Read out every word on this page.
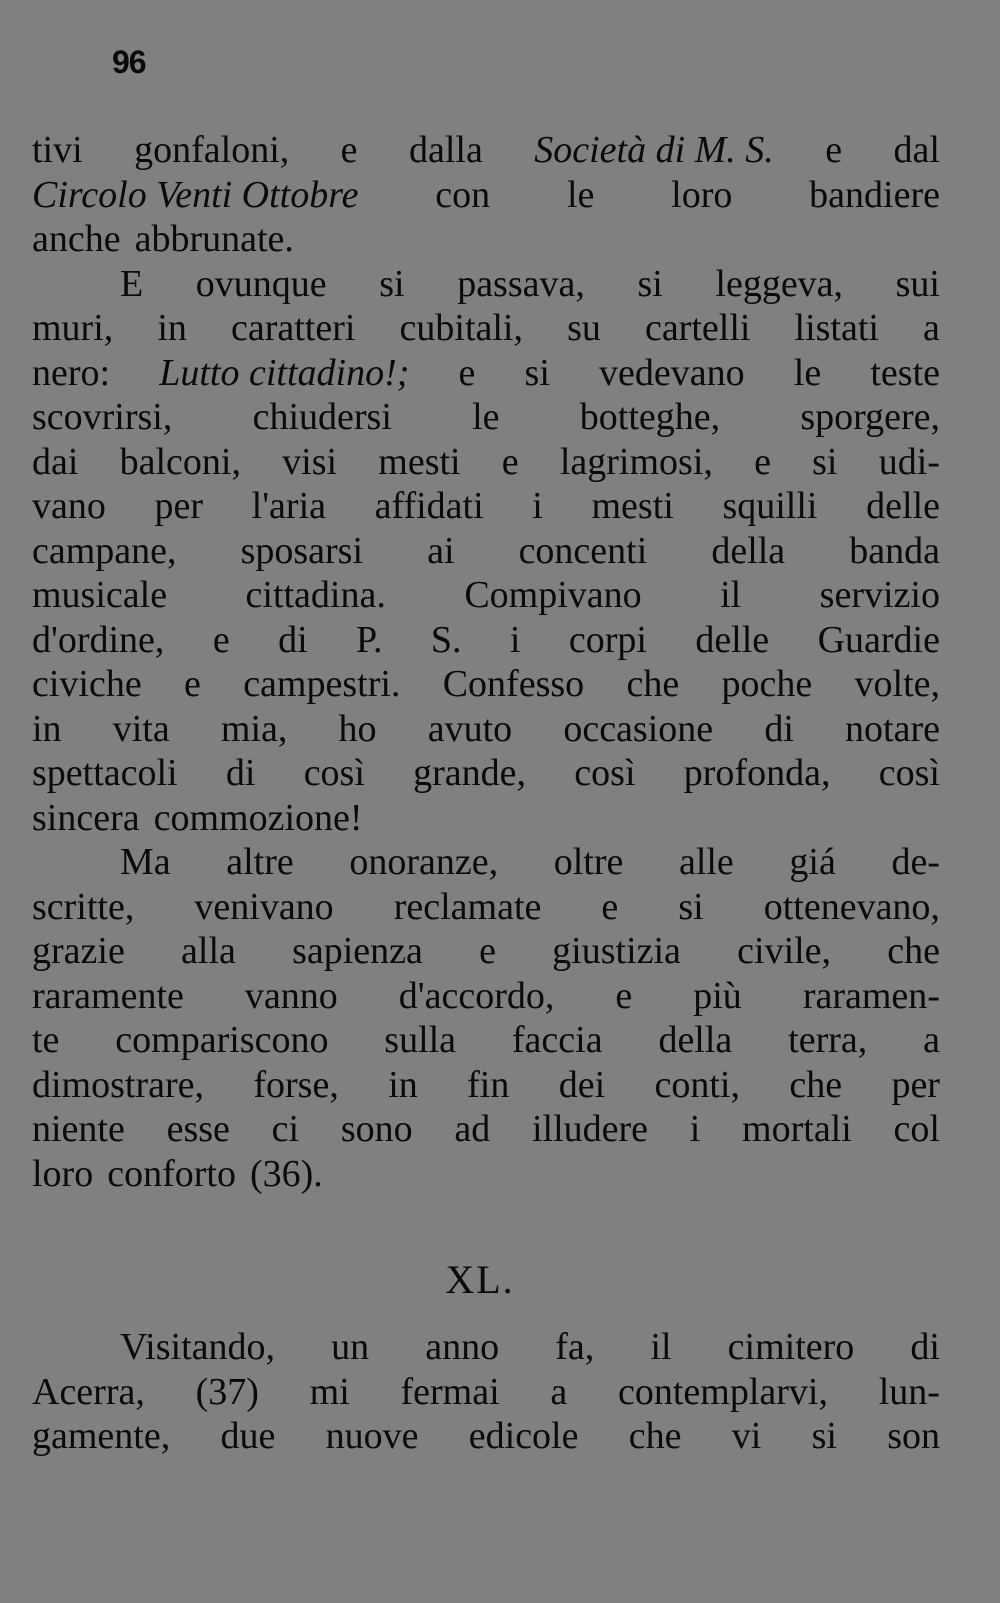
96
tivi gonfaloni, e dalla Società di M. S. e dal
Circolo Venti Ottobre con le loro bandiere
anche abbrunate.
E ovunque si passava, si leggeva, sui
muri, in caratteri cubitali, su cartelli listati a
nero: Lutto cittadino!; e si vedevano le teste
scovrirsi, chiudersi le botteghe, sporgere,
dai balconi, visi mesti e lagrimosi, e si udi-
vano per l'aria affidati i mesti squilli delle
campane, sposarsi ai concenti della banda
musicale cittadina. Compivano il servizio
d'ordine, e di P. S. i corpi delle Guardie
civiche e campestri. Confesso che poche volte,
in vita mia, ho avuto occasione di notare
spettacoli di così grande, così profonda, così
sincera commozione!
Ma altre onoranze, oltre alle giá de-
scritte, venivano reclamate e si ottenevano,
grazie alla sapienza e giustizia civile, che
raramente vanno d'accordo, e più raramen-
te compariscono sulla faccia della terra, a
dimostrare, forse, in fin dei conti, che per
niente esse ci sono ad illudere i mortali col
loro conforto (36).
XL.
Visitando, un anno fa, il cimitero di
Acerra, (37) mi fermai a contemplarvi, lun-
gamente, due nuove edicole che vi si son
